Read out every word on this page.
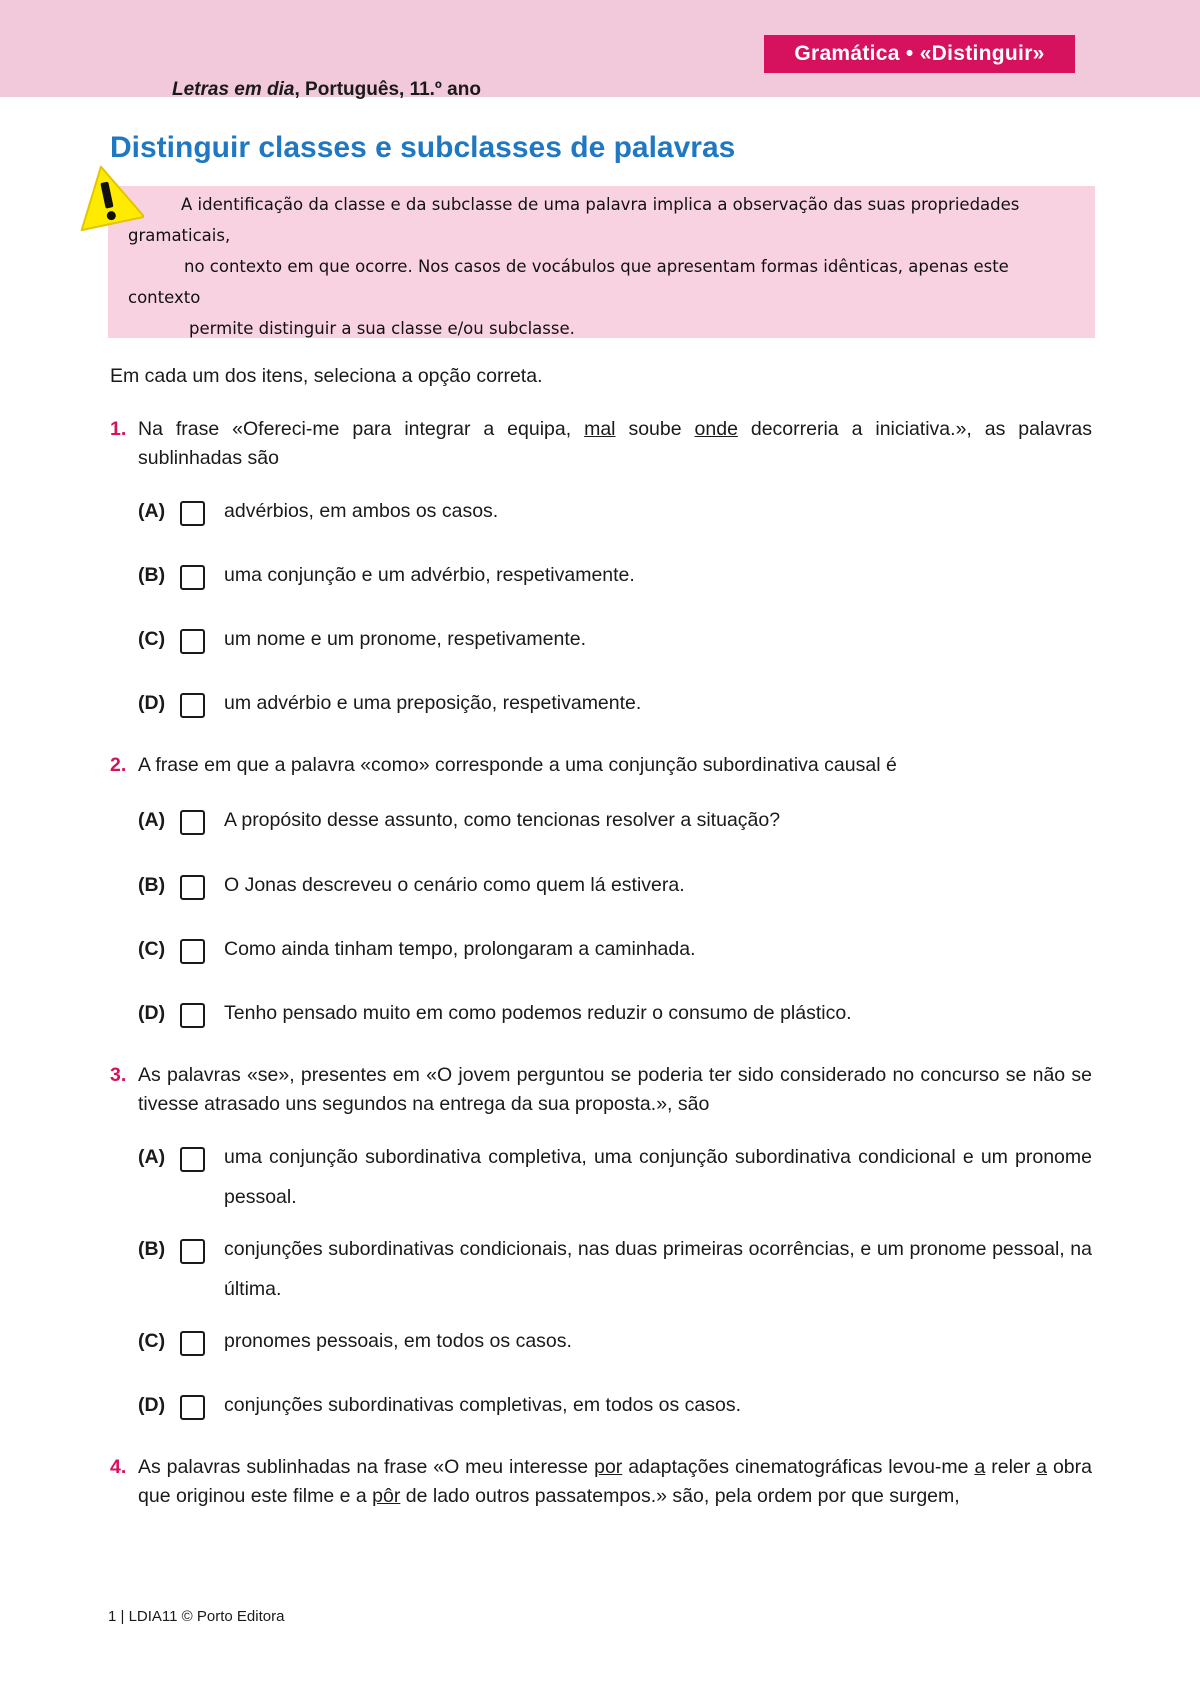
Gramática • «Distinguir»
Letras em dia, Português, 11.º ano
Distinguir classes e subclasses de palavras

A identificação da classe e da subclasse de uma palavra implica a observação das suas propriedades gramaticais,

no contexto em que ocorre. Nos casos de vocábulos que apresentam formas idênticas, apenas este contexto

permite distinguir a sua classe e/ou subclasse.

Em cada um dos itens, seleciona a opção correta.

1. Na frase «Ofereci-me para integrar a equipa, mal soube onde decorreria a iniciativa.», as palavras sublinhadas são
(A)	advérbios, em ambos os casos.
(B)	uma conjunção e um advérbio, respetivamente.
(C)	um nome e um pronome, respetivamente.
(D)	um advérbio e uma preposição, respetivamente.
2. A frase em que a palavra «como» corresponde a uma conjunção subordinativa causal é
(A)	A propósito desse assunto, como tencionas resolver a situação?
(B)	O Jonas descreveu o cenário como quem lá estivera.
(C)	Como ainda tinham tempo, prolongaram a caminhada.
(D)	Tenho pensado muito em como podemos reduzir o consumo de plástico.
3. As palavras «se», presentes em «O jovem perguntou se poderia ter sido considerado no concurso se não se tivesse atrasado uns segundos na entrega da sua proposta.», são
(A)	uma conjunção subordinativa completiva, uma conjunção subordinativa condicional e um pronome pessoal.
(B)	conjunções subordinativas condicionais, nas duas primeiras ocorrências, e um pronome pessoal, na última.
(C)	pronomes pessoais, em todos os casos.
(D)	conjunções subordinativas completivas, em todos os casos.
4. As palavras sublinhadas na frase «O meu interesse por adaptações cinematográficas levou-me a reler a obra que originou este filme e a pôr de lado outros passatempos.» são, pela ordem por que surgem,
1 | LDIA11 © Porto Editora
